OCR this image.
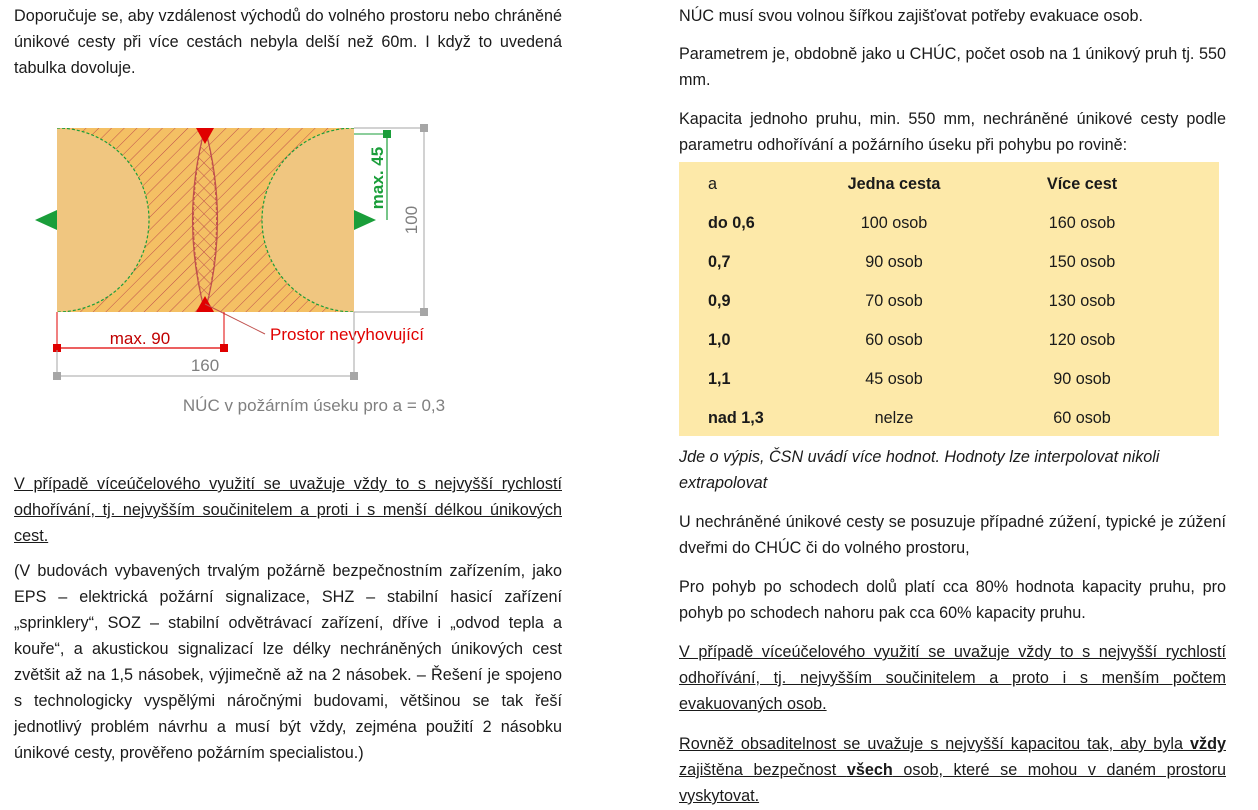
Doporučuje se, aby vzdálenost východů do volného prostoru nebo chráněné únikové cesty při více cestách nebyla delší než 60m. I když to uvedená tabulka dovoluje.

100
max. 45
Prostor nevyhovující
max. 90
160
NÚC v požárním úseku pro a = 0,3

V případě víceúčelového využití se uvažuje vždy to s nejvyšší rychlostí odhořívání, tj. nejvyšším součinitelem a proti i s menší délkou únikových cest.

(V budovách vybavených trvalým požárně bezpečnostním zařízením, jako EPS – elektrická požární signalizace, SHZ – stabilní hasicí zařízení „sprinklery“, SOZ – stabilní odvětrávací zařízení, dříve i „odvod tepla a kouře“, a akustickou signalizací lze délky nechráněných únikových cest zvětšit až na 1,5 násobek, výjimečně až na 2 násobek. – Řešení je spojeno s technologicky vyspělými náročnými budovami, většinou se tak řeší jednotlivý problém návrhu a musí být vždy, zejména použití 2 násobku únikové cesty, prověřeno požárním specialistou.)

NÚC musí svou volnou šířkou zajišťovat potřeby evakuace osob.

Parametrem je, obdobně jako u CHÚC, počet osob na 1 únikový pruh tj. 550 mm.

Kapacita jednoho pruhu, min. 550 mm, nechráněné únikové cesty podle parametru odhořívání a požárního úseku při pohybu po rovině:

a	Jedna cesta	Více cest
do 0,6	100 osob	160 osob
0,7	90 osob	150 osob
0,9	70 osob	130 osob
1,0	60 osob	120 osob
1,1	45 osob	90 osob
nad 1,3	nelze	60 osob

Jde o výpis, ČSN uvádí více hodnot. Hodnoty lze interpolovat nikoli extrapolovat

U nechráněné únikové cesty se posuzuje případné zúžení, typické je zúžení dveřmi do CHÚC či do volného prostoru,

Pro pohyb po schodech dolů platí cca 80% hodnota kapacity pruhu, pro pohyb po schodech nahoru pak cca 60% kapacity pruhu.

V případě víceúčelového využití se uvažuje vždy to s nejvyšší rychlostí odhořívání, tj. nejvyšším součinitelem a proto i s menším počtem evakuovaných osob.

Rovněž obsaditelnost se uvažuje s nejvyšší kapacitou tak, aby byla vždy zajištěna bezpečnost všech osob, které se mohou v daném prostoru vyskytovat.
